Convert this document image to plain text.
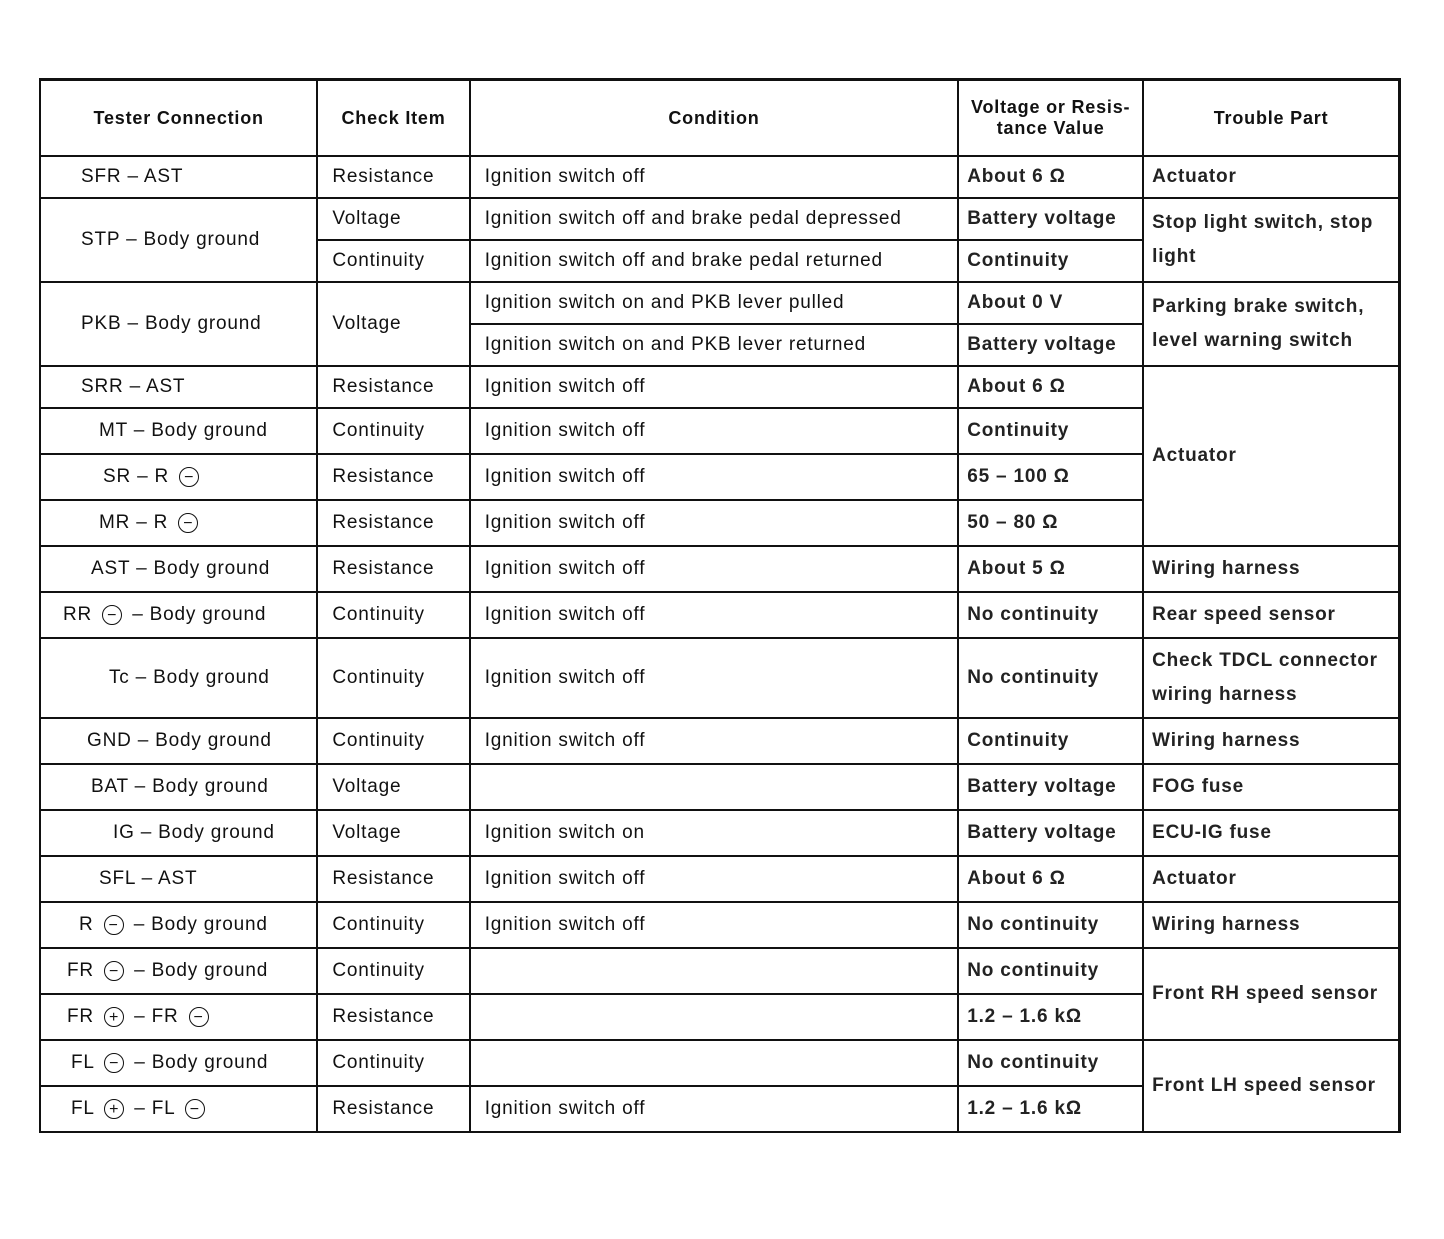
Tester Connection	Check Item	Condition	Voltage or Resis-tance Value	Trouble Part
SFR – AST	Resistance	Ignition switch off	About 6 Ω	Actuator
STP – Body ground	Voltage	Ignition switch off and brake pedal depressed	Battery voltage	Stop light switch, stop light
	Continuity	Ignition switch off and brake pedal returned	Continuity	
PKB – Body ground	Voltage	Ignition switch on and PKB lever pulled	About 0 V	Parking brake switch, level warning switch
		Ignition switch on and PKB lever returned	Battery voltage	
SRR – AST	Resistance	Ignition switch off	About 6 Ω	Actuator
MT – Body ground	Continuity	Ignition switch off	Continuity	
SR – R −	Resistance	Ignition switch off	65 – 100 Ω	
MR – R −	Resistance	Ignition switch off	50 – 80 Ω	
AST – Body ground	Resistance	Ignition switch off	About 5 Ω	Wiring harness
RR − – Body ground	Continuity	Ignition switch off	No continuity	Rear speed sensor
Tc – Body ground	Continuity	Ignition switch off	No continuity	Check TDCL connector wiring harness
GND – Body ground	Continuity	Ignition switch off	Continuity	Wiring harness
BAT – Body ground	Voltage		Battery voltage	FOG fuse
IG – Body ground	Voltage	Ignition switch on	Battery voltage	ECU-IG fuse
SFL – AST	Resistance	Ignition switch off	About 6 Ω	Actuator
R − – Body ground	Continuity	Ignition switch off	No continuity	Wiring harness
FR − – Body ground	Continuity		No continuity	Front RH speed sensor
FR + – FR −	Resistance		1.2 – 1.6 kΩ	
FL − – Body ground	Continuity		No continuity	Front LH speed sensor
FL + – FL −	Resistance	Ignition switch off	1.2 – 1.6 kΩ	
